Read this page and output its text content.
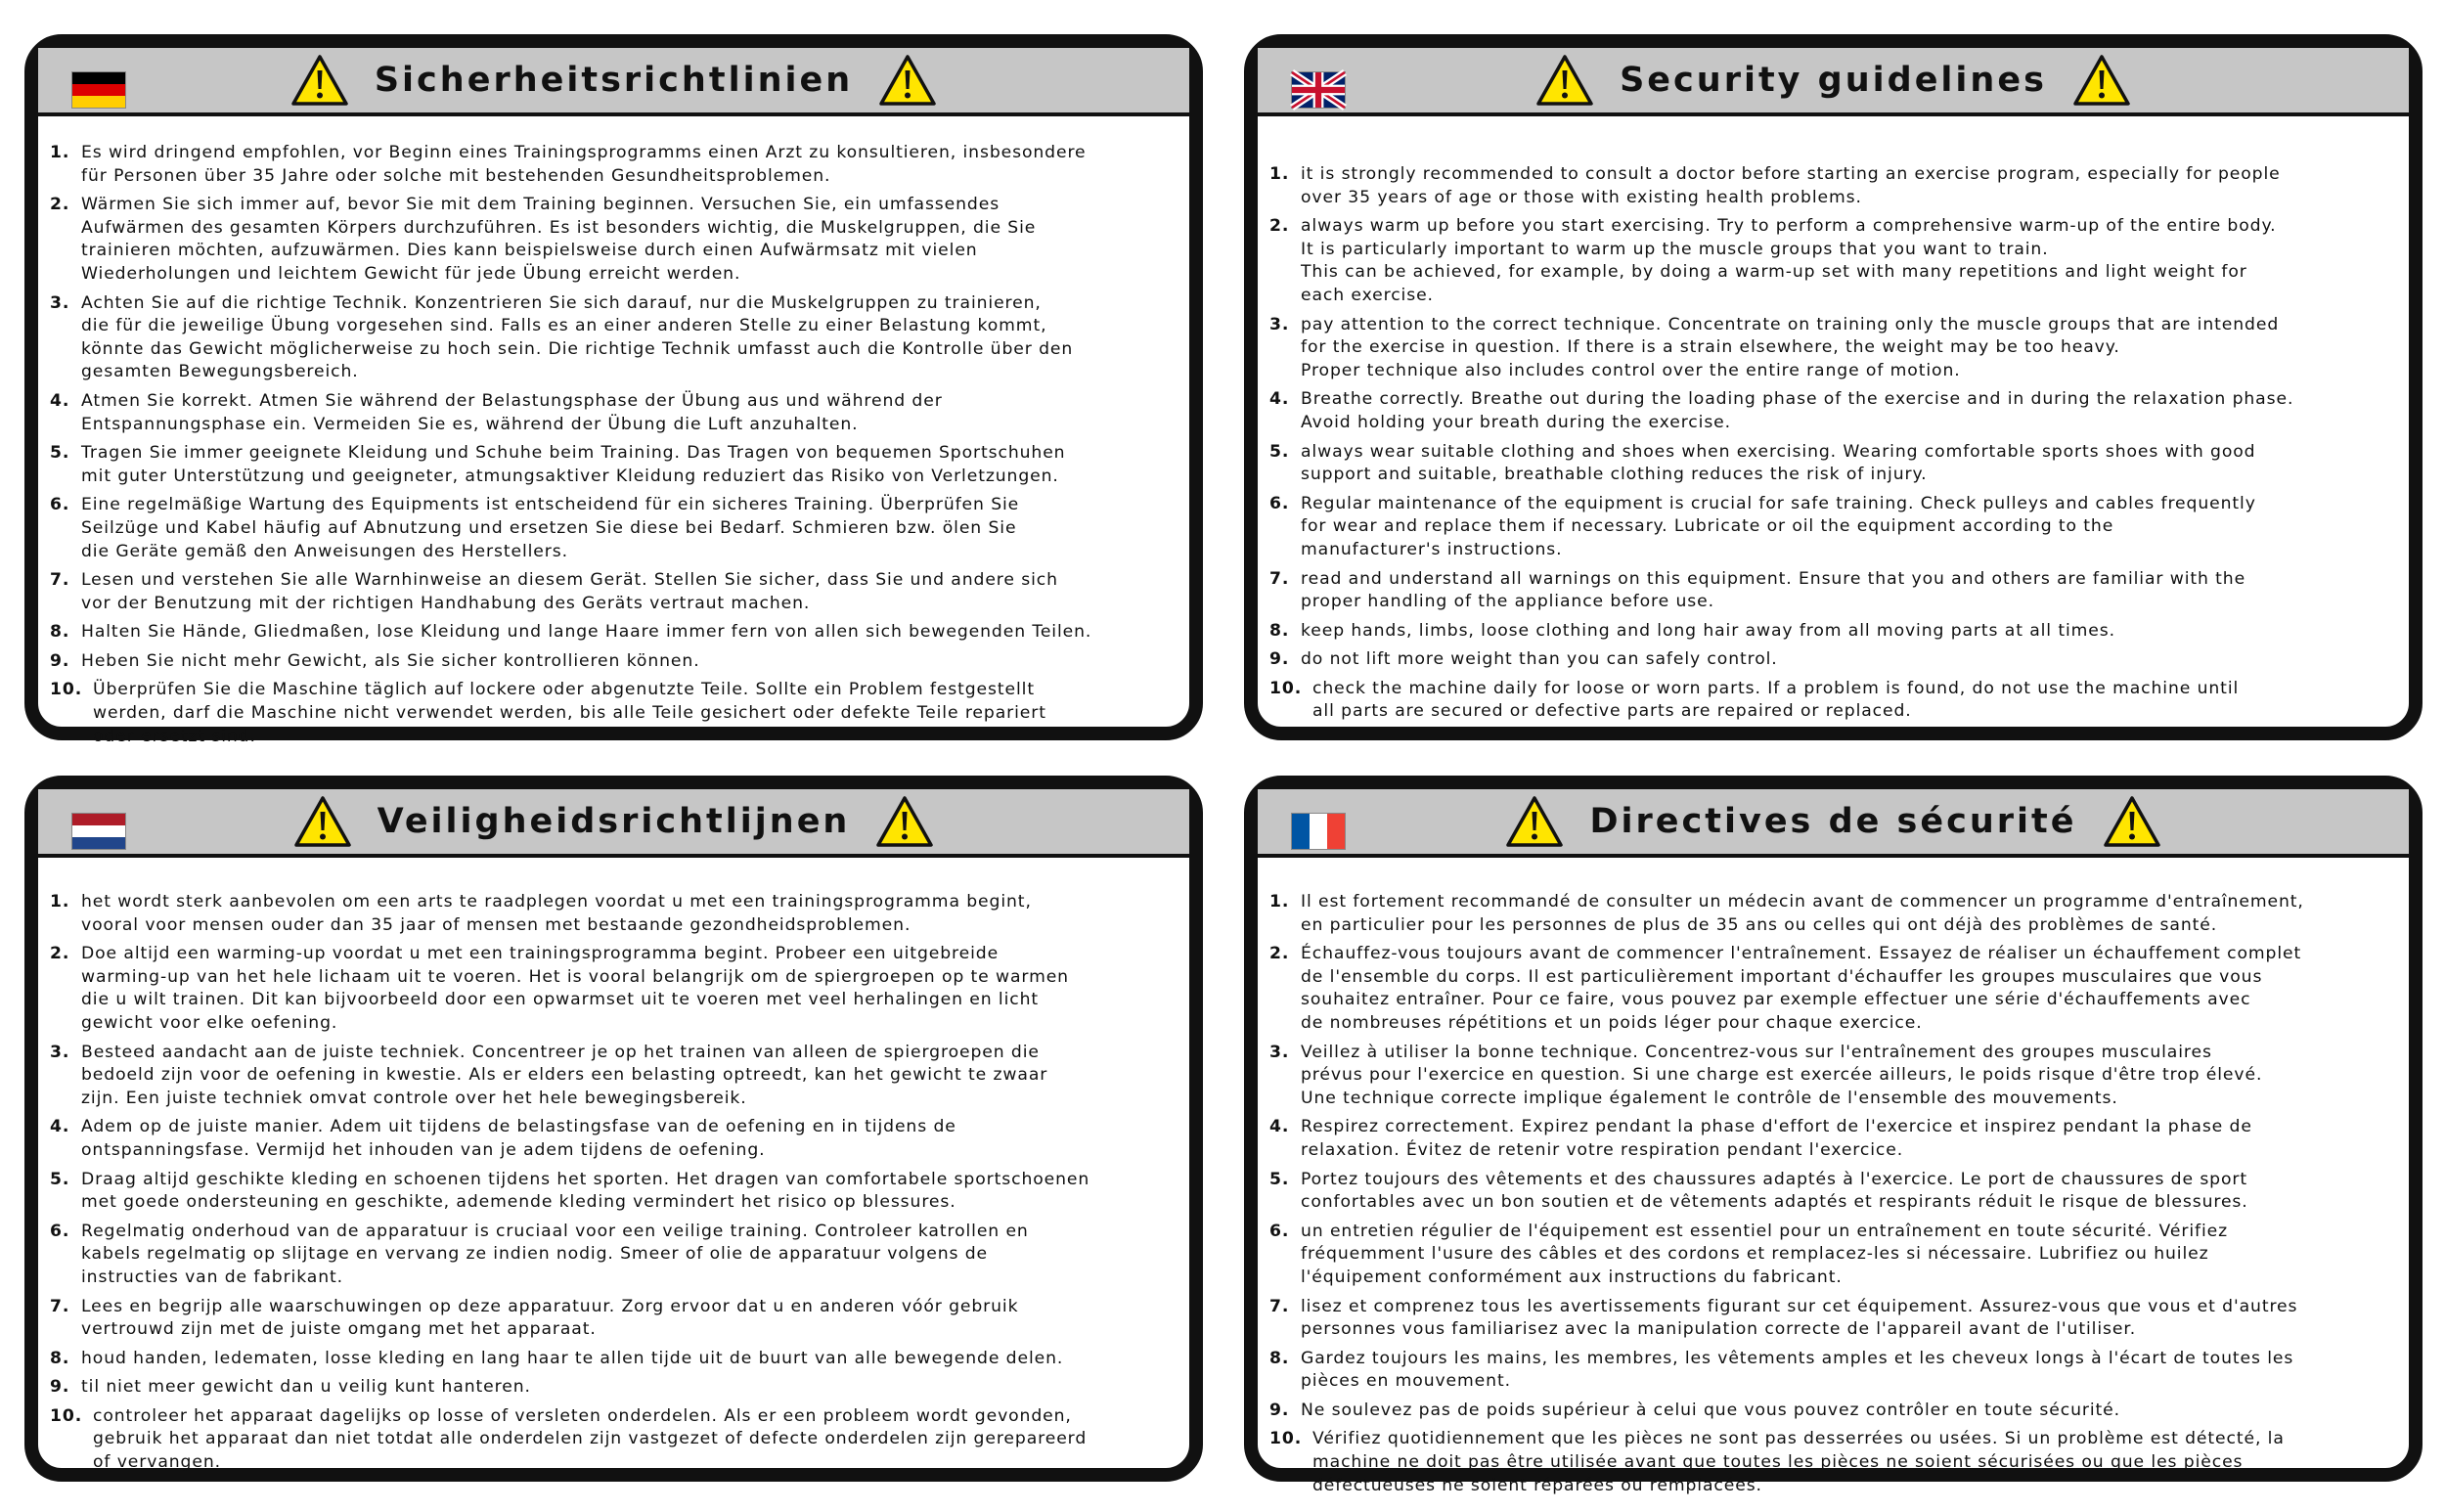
Sicherheitsrichtlinien
1. Es wird dringend empfohlen, vor Beginn eines Trainingsprogramms einen Arzt zu konsultieren, insbesondere
für Personen über 35 Jahre oder solche mit bestehenden Gesundheitsproblemen.
2. Wärmen Sie sich immer auf, bevor Sie mit dem Training beginnen. Versuchen Sie, ein umfassendes
Aufwärmen des gesamten Körpers durchzuführen. Es ist besonders wichtig, die Muskelgruppen, die Sie
trainieren möchten, aufzuwärmen. Dies kann beispielsweise durch einen Aufwärmsatz mit vielen
Wiederholungen und leichtem Gewicht für jede Übung erreicht werden.
3. Achten Sie auf die richtige Technik. Konzentrieren Sie sich darauf, nur die Muskelgruppen zu trainieren,
die für die jeweilige Übung vorgesehen sind. Falls es an einer anderen Stelle zu einer Belastung kommt,
könnte das Gewicht möglicherweise zu hoch sein. Die richtige Technik umfasst auch die Kontrolle über den
gesamten Bewegungsbereich.
4. Atmen Sie korrekt. Atmen Sie während der Belastungsphase der Übung aus und während der
Entspannungsphase ein. Vermeiden Sie es, während der Übung die Luft anzuhalten.
5. Tragen Sie immer geeignete Kleidung und Schuhe beim Training. Das Tragen von bequemen Sportschuhen
mit guter Unterstützung und geeigneter, atmungsaktiver Kleidung reduziert das Risiko von Verletzungen.
6. Eine regelmäßige Wartung des Equipments ist entscheidend für ein sicheres Training. Überprüfen Sie
Seilzüge und Kabel häufig auf Abnutzung und ersetzen Sie diese bei Bedarf. Schmieren bzw. ölen Sie
die Geräte gemäß den Anweisungen des Herstellers.
7. Lesen und verstehen Sie alle Warnhinweise an diesem Gerät. Stellen Sie sicher, dass Sie und andere sich
vor der Benutzung mit der richtigen Handhabung des Geräts vertraut machen.
8. Halten Sie Hände, Gliedmaßen, lose Kleidung und lange Haare immer fern von allen sich bewegenden Teilen.
9. Heben Sie nicht mehr Gewicht, als Sie sicher kontrollieren können.
10. Überprüfen Sie die Maschine täglich auf lockere oder abgenutzte Teile. Sollte ein Problem festgestellt
werden, darf die Maschine nicht verwendet werden, bis alle Teile gesichert oder defekte Teile repariert
oder ersetzt sind.
Security guidelines
1. it is strongly recommended to consult a doctor before starting an exercise program, especially for people
over 35 years of age or those with existing health problems.
2. always warm up before you start exercising. Try to perform a comprehensive warm-up of the entire body.
It is particularly important to warm up the muscle groups that you want to train.
This can be achieved, for example, by doing a warm-up set with many repetitions and light weight for
each exercise.
3. pay attention to the correct technique. Concentrate on training only the muscle groups that are intended
for the exercise in question. If there is a strain elsewhere, the weight may be too heavy.
Proper technique also includes control over the entire range of motion.
4. Breathe correctly. Breathe out during the loading phase of the exercise and in during the relaxation phase.
Avoid holding your breath during the exercise.
5. always wear suitable clothing and shoes when exercising. Wearing comfortable sports shoes with good
support and suitable, breathable clothing reduces the risk of injury.
6. Regular maintenance of the equipment is crucial for safe training. Check pulleys and cables frequently
for wear and replace them if necessary. Lubricate or oil the equipment according to the
manufacturer's instructions.
7. read and understand all warnings on this equipment. Ensure that you and others are familiar with the
proper handling of the appliance before use.
8. keep hands, limbs, loose clothing and long hair away from all moving parts at all times.
9. do not lift more weight than you can safely control.
10. check the machine daily for loose or worn parts. If a problem is found, do not use the machine until
all parts are secured or defective parts are repaired or replaced.
Veiligheidsrichtlijnen
1. het wordt sterk aanbevolen om een arts te raadplegen voordat u met een trainingsprogramma begint,
vooral voor mensen ouder dan 35 jaar of mensen met bestaande gezondheidsproblemen.
2. Doe altijd een warming-up voordat u met een trainingsprogramma begint. Probeer een uitgebreide
warming-up van het hele lichaam uit te voeren. Het is vooral belangrijk om de spiergroepen op te warmen
die u wilt trainen. Dit kan bijvoorbeeld door een opwarmset uit te voeren met veel herhalingen en licht
gewicht voor elke oefening.
3. Besteed aandacht aan de juiste techniek. Concentreer je op het trainen van alleen de spiergroepen die
bedoeld zijn voor de oefening in kwestie. Als er elders een belasting optreedt, kan het gewicht te zwaar
zijn. Een juiste techniek omvat controle over het hele bewegingsbereik.
4. Adem op de juiste manier. Adem uit tijdens de belastingsfase van de oefening en in tijdens de
ontspanningsfase. Vermijd het inhouden van je adem tijdens de oefening.
5. Draag altijd geschikte kleding en schoenen tijdens het sporten. Het dragen van comfortabele sportschoenen
met goede ondersteuning en geschikte, ademende kleding vermindert het risico op blessures.
6. Regelmatig onderhoud van de apparatuur is cruciaal voor een veilige training. Controleer katrollen en
kabels regelmatig op slijtage en vervang ze indien nodig. Smeer of olie de apparatuur volgens de
instructies van de fabrikant.
7. Lees en begrijp alle waarschuwingen op deze apparatuur. Zorg ervoor dat u en anderen vóór gebruik
vertrouwd zijn met de juiste omgang met het apparaat.
8. houd handen, ledematen, losse kleding en lang haar te allen tijde uit de buurt van alle bewegende delen.
9. til niet meer gewicht dan u veilig kunt hanteren.
10. controleer het apparaat dagelijks op losse of versleten onderdelen. Als er een probleem wordt gevonden,
gebruik het apparaat dan niet totdat alle onderdelen zijn vastgezet of defecte onderdelen zijn gerepareerd
of vervangen.
Directives de sécurité
1. Il est fortement recommandé de consulter un médecin avant de commencer un programme d'entraînement,
en particulier pour les personnes de plus de 35 ans ou celles qui ont déjà des problèmes de santé.
2. Échauffez-vous toujours avant de commencer l'entraînement. Essayez de réaliser un échauffement complet
de l'ensemble du corps. Il est particulièrement important d'échauffer les groupes musculaires que vous
souhaitez entraîner. Pour ce faire, vous pouvez par exemple effectuer une série d'échauffements avec
de nombreuses répétitions et un poids léger pour chaque exercice.
3. Veillez à utiliser la bonne technique. Concentrez-vous sur l'entraînement des groupes musculaires
prévus pour l'exercice en question. Si une charge est exercée ailleurs, le poids risque d'être trop élevé.
Une technique correcte implique également le contrôle de l'ensemble des mouvements.
4. Respirez correctement. Expirez pendant la phase d'effort de l'exercice et inspirez pendant la phase de
relaxation. Évitez de retenir votre respiration pendant l'exercice.
5. Portez toujours des vêtements et des chaussures adaptés à l'exercice. Le port de chaussures de sport
confortables avec un bon soutien et de vêtements adaptés et respirants réduit le risque de blessures.
6. un entretien régulier de l'équipement est essentiel pour un entraînement en toute sécurité. Vérifiez
fréquemment l'usure des câbles et des cordons et remplacez-les si nécessaire. Lubrifiez ou huilez
l'équipement conformément aux instructions du fabricant.
7. lisez et comprenez tous les avertissements figurant sur cet équipement. Assurez-vous que vous et d'autres
personnes vous familiarisez avec la manipulation correcte de l'appareil avant de l'utiliser.
8. Gardez toujours les mains, les membres, les vêtements amples et les cheveux longs à l'écart de toutes les
pièces en mouvement.
9. Ne soulevez pas de poids supérieur à celui que vous pouvez contrôler en toute sécurité.
10. Vérifiez quotidiennement que les pièces ne sont pas desserrées ou usées. Si un problème est détecté, la
machine ne doit pas être utilisée avant que toutes les pièces ne soient sécurisées ou que les pièces
défectueuses ne soient réparées ou remplacées.
